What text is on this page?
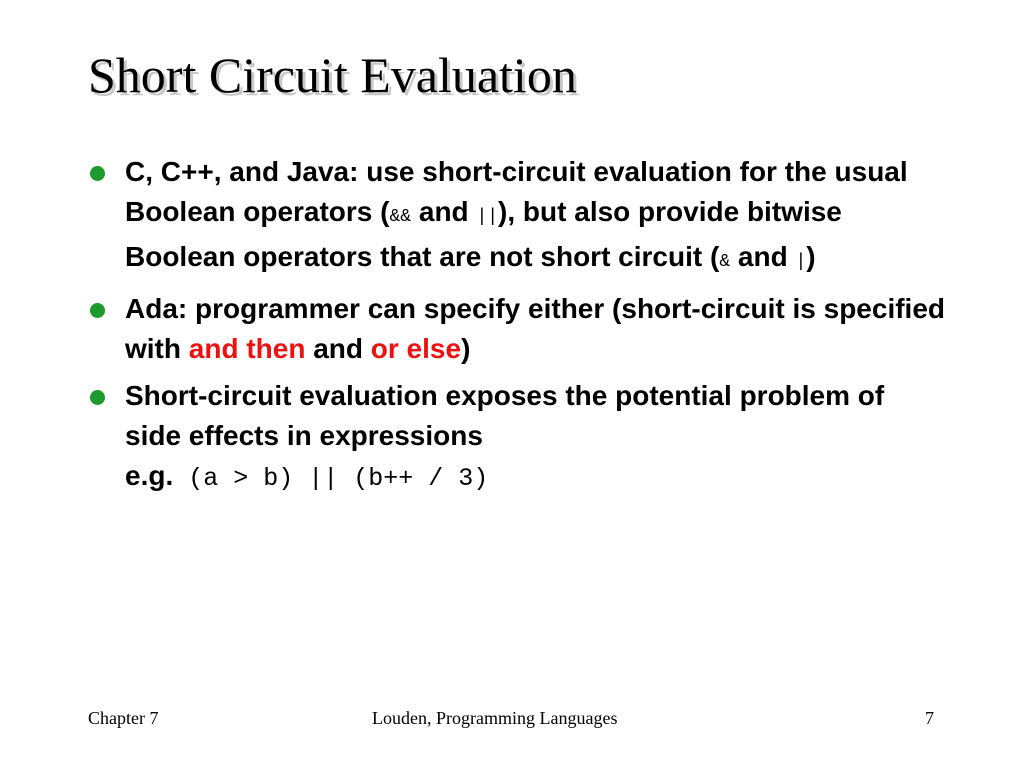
Short Circuit Evaluation
C, C++, and Java: use short-circuit evaluation for the usual Boolean operators (&& and ||), but also provide bitwise Boolean operators that are not short circuit (& and |)
Ada: programmer can specify either (short-circuit is specified with and then and or else)
Short-circuit evaluation exposes the potential problem of side effects in expressions
e.g. (a > b) || (b++ / 3)
Chapter 7	Louden, Programming Languages	7
